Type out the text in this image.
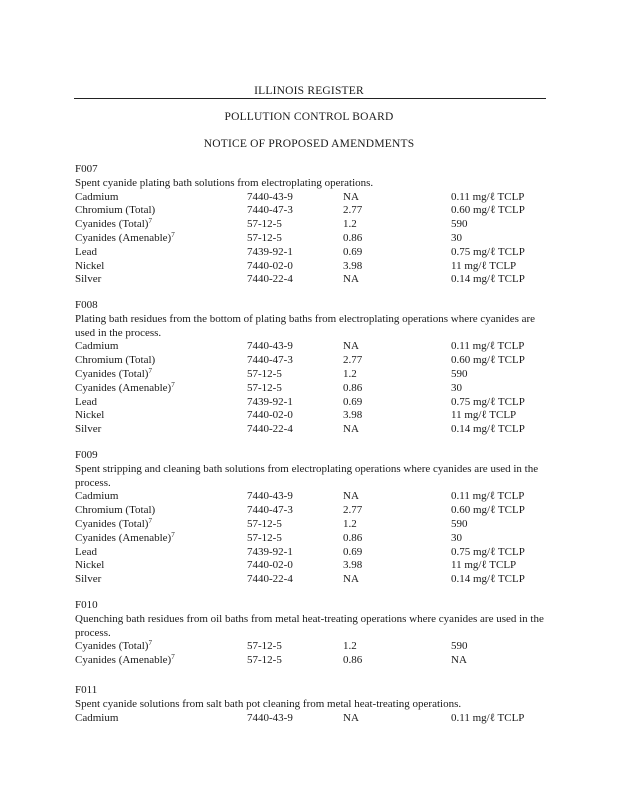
ILLINOIS REGISTER
POLLUTION CONTROL BOARD
NOTICE OF PROPOSED AMENDMENTS
F007
Spent cyanide plating bath solutions from electroplating operations.
Cadmium	7440-43-9	NA	0.11 mg/ℓ TCLP
Chromium (Total)	7440-47-3	2.77	0.60 mg/ℓ TCLP
Cyanides (Total)$^7$	57-12-5	1.2	590
Cyanides (Amenable)$^7$	57-12-5	0.86	30
Lead	7439-92-1	0.69	0.75 mg/ℓ TCLP
Nickel	7440-02-0	3.98	11 mg/ℓ TCLP
Silver	7440-22-4	NA	0.14 mg/ℓ TCLP
F008
Plating bath residues from the bottom of plating baths from electroplating operations where cyanides are used in the process.
Cadmium	7440-43-9	NA	0.11 mg/ℓ TCLP
Chromium (Total)	7440-47-3	2.77	0.60 mg/ℓ TCLP
Cyanides (Total)$^7$	57-12-5	1.2	590
Cyanides (Amenable)$^7$	57-12-5	0.86	30
Lead	7439-92-1	0.69	0.75 mg/ℓ TCLP
Nickel	7440-02-0	3.98	11 mg/ℓ TCLP
Silver	7440-22-4	NA	0.14 mg/ℓ TCLP
F009
Spent stripping and cleaning bath solutions from electroplating operations where cyanides are used in the process.
Cadmium	7440-43-9	NA	0.11 mg/ℓ TCLP
Chromium (Total)	7440-47-3	2.77	0.60 mg/ℓ TCLP
Cyanides (Total)$^7$	57-12-5	1.2	590
Cyanides (Amenable)$^7$	57-12-5	0.86	30
Lead	7439-92-1	0.69	0.75 mg/ℓ TCLP
Nickel	7440-02-0	3.98	11 mg/ℓ TCLP
Silver	7440-22-4	NA	0.14 mg/ℓ TCLP
F010
Quenching bath residues from oil baths from metal heat-treating operations where cyanides are used in the process.
Cyanides (Total)$^7$	57-12-5	1.2	590
Cyanides (Amenable)$^7$	57-12-5	0.86	NA
F011
Spent cyanide solutions from salt bath pot cleaning from metal heat-treating operations.
Cadmium	7440-43-9	NA	0.11 mg/ℓ TCLP
